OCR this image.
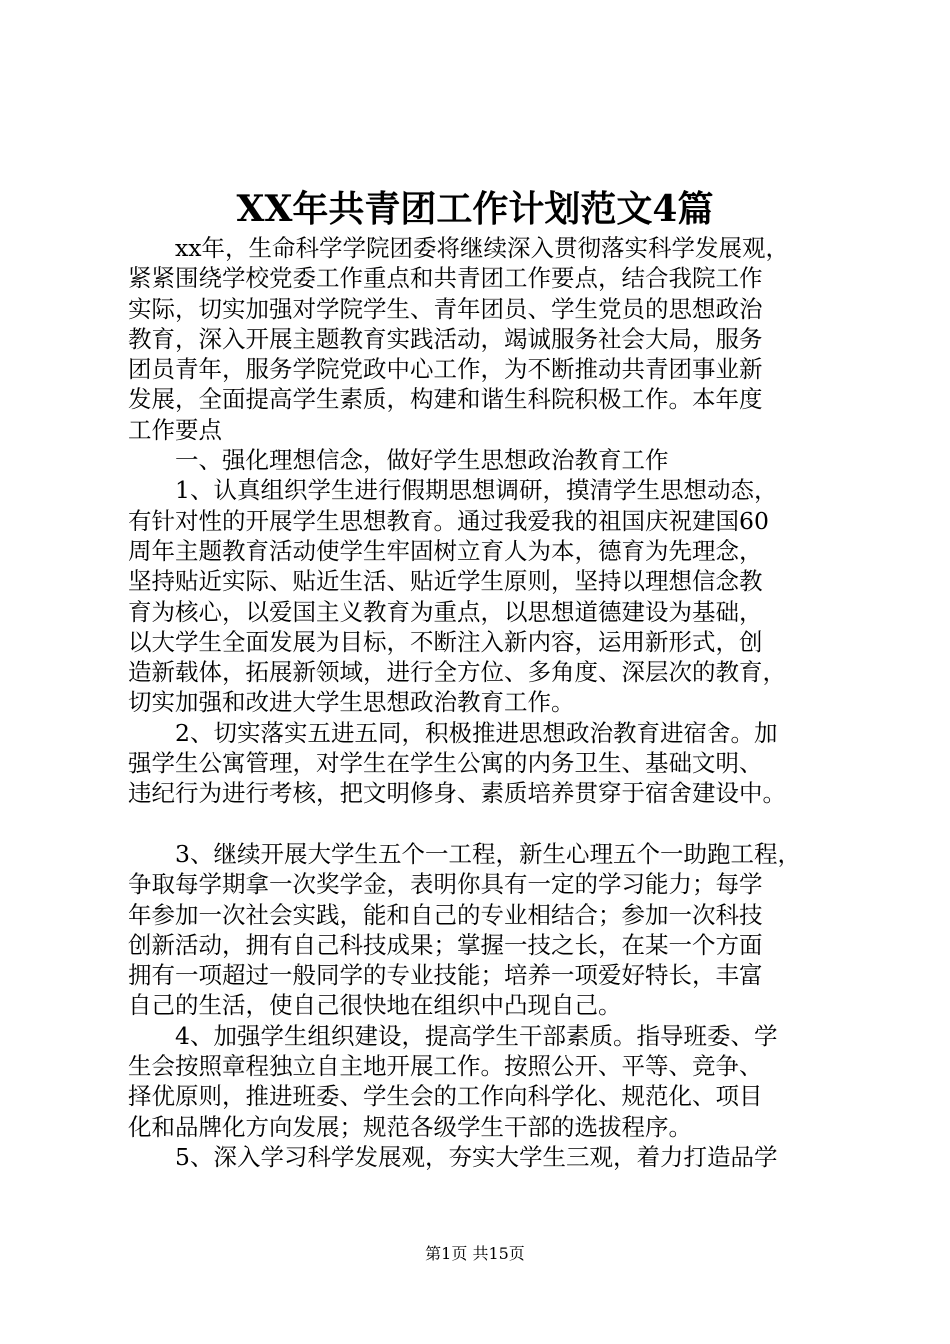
XX年共青团工作计划范文4篇
xx年，生命科学学院团委将继续深入贯彻落实科学发展观，
紧紧围绕学校党委工作重点和共青团工作要点，结合我院工作
实际，切实加强对学院学生、青年团员、学生党员的思想政治
教育，深入开展主题教育实践活动，竭诚服务社会大局，服务
团员青年，服务学院党政中心工作，为不断推动共青团事业新
发展，全面提高学生素质，构建和谐生科院积极工作。本年度
工作要点
一、强化理想信念，做好学生思想政治教育工作
1、认真组织学生进行假期思想调研，摸清学生思想动态，
有针对性的开展学生思想教育。通过我爱我的祖国庆祝建国60
周年主题教育活动使学生牢固树立育人为本，德育为先理念，
坚持贴近实际、贴近生活、贴近学生原则，坚持以理想信念教
育为核心，以爱国主义教育为重点，以思想道德建设为基础，
以大学生全面发展为目标，不断注入新内容，运用新形式，创
造新载体，拓展新领域，进行全方位、多角度、深层次的教育，
切实加强和改进大学生思想政治教育工作。
2、切实落实五进五同，积极推进思想政治教育进宿舍。加
强学生公寓管理，对学生在学生公寓的内务卫生、基础文明、
违纪行为进行考核，把文明修身、素质培养贯穿于宿舍建设中。
3、继续开展大学生五个一工程，新生心理五个一助跑工程，
争取每学期拿一次奖学金，表明你具有一定的学习能力；每学
年参加一次社会实践，能和自己的专业相结合；参加一次科技
创新活动，拥有自己科技成果；掌握一技之长，在某一个方面
拥有一项超过一般同学的专业技能；培养一项爱好特长，丰富
自己的生活，使自己很快地在组织中凸现自己。
4、加强学生组织建设，提高学生干部素质。指导班委、学
生会按照章程独立自主地开展工作。按照公开、平等、竞争、
择优原则，推进班委、学生会的工作向科学化、规范化、项目
化和品牌化方向发展；规范各级学生干部的选拔程序。
5、深入学习科学发展观，夯实大学生三观，着力打造品学
第1页 共15页
